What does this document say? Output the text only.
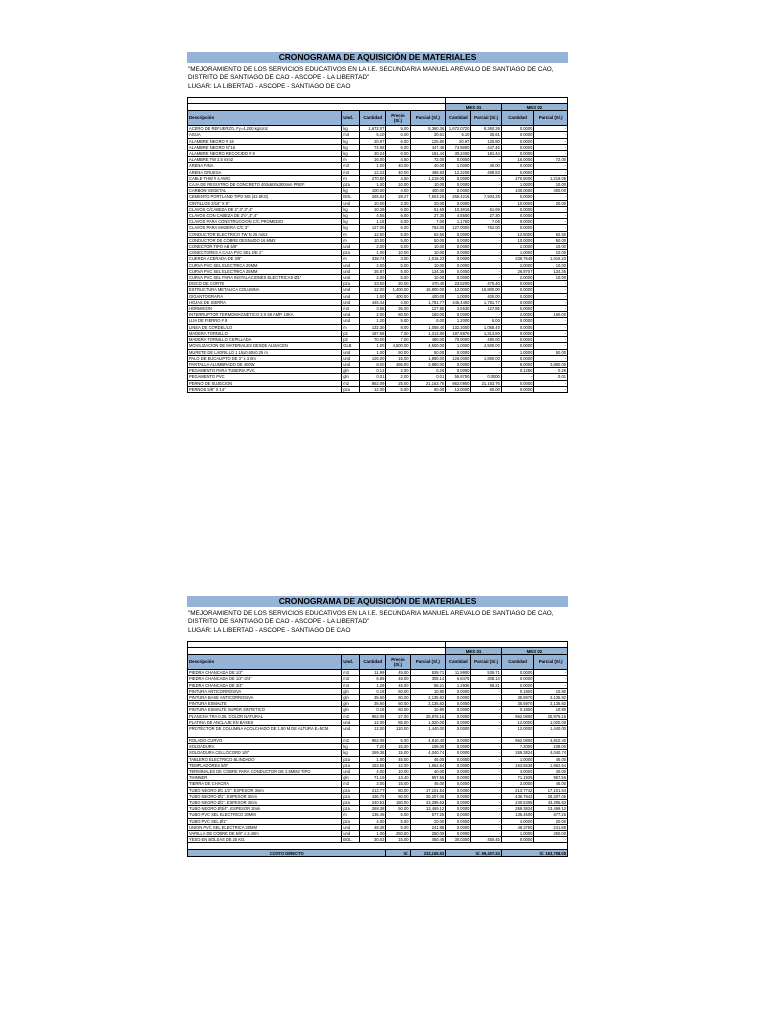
CRONOGRAMA DE AQUISICIÓN DE MATERIALES
"MEJORAMIENTO DE LOS SERVICIOS EDUCATIVOS EN LA I.E. SECUNDARIA MANUEL AREVALO DE SANTIAGO DE CAO, DISTRITO DE SANTIAGO DE CAO - ASCOPE - LA LIBERTAD"
LUGAR: LA LIBERTAD - ASCOPE - SANTIAGO DE CAO

					MES 01		MES 02	
Descripción	Und.	Cantidad	Precio (S/.)	Parcial (S/.)	Cantidad	Parcial (S/.)	Cantidad	Parcial (S/.)
ACERO DE REFUERZO, Fy=4,200 kg/cm2	kg	1,672.07	5.00	8,360.36	1,672.0720	8,360.36	0.0000	-
AGUA	m3	5.10	6.00	30.61	5.10	30.61	0.0000	-
ALAMBRE NEGRO # 16	kg	20.97	6.00	125.80	20.97	125.80	0.0000	-
ALAMBRE NEGRO N°16	kg	74.58	6.00	447.46	74.5800	447.46	0.0000	-
ALAMBRE NEGRO RECOCIDO # 8	kg	30.24	6.00	181.44	30.2400	181.44	0.0000	-
ALAMBRE TW 2.5 mm2	m	16.00	4.50	72.00	0.0000	-	16.0000	72.00
ARENA FINA	m3	1.00	40.00	40.00	1.0000	40.00	0.0000	-
ARENA GRUESA	m3	12.22	40.00	488.83	12.2208	488.83	0.0000	-
CABLE THW # 4 AWG	m	270.90	4.50	1,219.05	0.0000	-	270.9000	1,219.05
CAJA DE REGISTRO DE CONCRETO 400x600x300mm PREF.	pza	1.00	10.00	10.00	0.0000	-	1.0000	10.00
CARBON VEGETAL	kg	100.00	4.00	400.00	0.0000	-	100.0000	400.00
CEMENTO PORTLAND TIPO MS (42.5KG)	BOL	265.62	28.27	7,503.26	265.4216	7,503.26	0.0000	-
CINTILLOS 3/16" X 8"	und	10.00	2.00	20.00	0.0000	-	10.0000	20.00
CLAVOS C/CABEZA DE 2",3",3",4"	kg	10.28	6.00	61.69	10.2816	61.69	0.0000	-
CLAVOS CON CABEZA DE 2½",3",4"	kg	4.55	6.00	27.30	4.5500	27.30	0.0000	-
CLAVOS PARA CONSTRUCCION C/C PROMEDIO	kg	1.18	6.00	7.06	1.1760	7.06	0.0000	-
CLAVOS PARA MADERA C/C 3"	kg	127.00	6.00	762.00	127.0000	762.00	0.0000	-
CONDUCTOR ELECTRICO TW N 25 mm2	m	12.50	5.00	62.50	0.0000	-	12.5000	62.50
CONDUCTOR DE COBRE DESNUDO 16 MM2	m	10.00	5.00	50.00	0.0000	-	10.0000	50.00
CONECTOR TIPO AB 5/8"	und	2.00	5.00	10.00	0.0000	-	2.0000	10.00
CONECTORES A CAJA PVC SEL DE 1"	pza	1.00	10.00	10.00	0.0000	-	1.0000	10.00
CUERDA ACERADA DE 3/8"	m	338.74	3.00	1,016.23	0.0000	-	338.7648	1,016.23
CURVA PVC SEL ELECTRICA 20MM	und	2.00	5.00	10.00	0.0000	-	2.0000	10.00
CURVA PVC SEL ELECTRICA 25MM	und	26.87	5.00	134.35	0.0000	-	26.8707	134.35
CURVA PVC SEL PARA INSTALACIONES ELECTRICAS Ø1"	und	2.00	5.00	10.00	0.0000	-	2.0000	10.00
DISCO DE CORTE	pza	23.50	20.00	470.40	23.5200	470.40	0.0000	-
ESTRUCTURA METALICA COLUMNA	und	12.00	1,400.00	16,800.00	12.0000	16,800.00	0.0000	-
GIGANTOGRAFIA	und	1.00	400.00	400.00	1.0000	400.00	0.0000	-
HOJAS DE SIERRA	und	445.44	4.00	1,781.77	445.4400	1,781.77	0.0000	-
HORMIGON	m3	3.65	35.00	127.85	3.6530	127.85	0.0000	-
INTERRUPTOR TERMOMAGNETICO 3 X 60 AMP. 10KA	und	2.00	80.00	160.00	0.0000	-	2.0000	160.00
LIJA DE FIERRO # 8	und	1.20	5.00	6.00	1.2000	6.00	0.0000	-
LINEA DE CORDEL/LO	m	132.30	8.00	1,058.40	132.3000	1,058.40	0.0000	-
MADERA TORNILLO	p2	187.68	7.00	1,313.80	187.6876	1,313.80	0.0000	-
MADERA TORNILLO CEPILLADA	p2	70.00	7.00	490.00	70.0000	490.00	0.0000	-
MOVILIZACION DE MATERIALES DESDE ALMACEN	GLB	1.00	4,500.00	4,500.00	1.0000	4,500.00	0.0000	-
MURETE DE LADRILLO 1.15x0.60x0.25 m	und	1.00	50.00	50.00	0.0000	-	1.0000	50.00
PALO DE EUCALIPTO DE 3" x 3.0m	und	126.00	15.00	1,890.00	126.0000	1,890.00	0.0000	-
PANTALLA ALUMBRADO DE 400W	und	8.00	485.00	3,880.00	0.0000	-	8.0000	3,880.00
PEGAMENTO PARA TUBERIA PVC	gln	0.13	2.00	0.26	0.0000	-	0.1280	0.26
PEGAMENTO PVC	gln	0.01	2.00	0.01	56.6750	0.0000	-	0.01
PERNO DE SUJECION	m2	862.09	25.00	21,163.76	862.0900	21,163.76	0.0000	-
PERNOS 5/8" X 14"	pza	12.00	5.00	60.00	12.0000	60.00	0.0000	-
CRONOGRAMA DE AQUISICIÓN DE MATERIALES
"MEJORAMIENTO DE LOS SERVICIOS EDUCATIVOS EN LA I.E. SECUNDARIA MANUEL AREVALO DE SANTIAGO DE CAO, DISTRITO DE SANTIAGO DE CAO - ASCOPE - LA LIBERTAD"
LUGAR: LA LIBERTAD - ASCOPE - SANTIAGO DE CAO

					MES 01		MES 02	
Descripción	Und.	Cantidad	Precio (S/.)	Parcial (S/.)	Cantidad	Parcial (S/.)	Cantidad	Parcial (S/.)
PIEDRA CHANCADA DE 1/2"	m3	11.99	45.00	539.71	11.9900	539.71	0.0000	-
PIEDRA CHANCADA DE 1/2"-3/4"	m3	6.85	45.00	308.14	6.8475	308.14	0.0000	-
PIEDRA CHANCADA DE 3/4"	m3	1.29	45.00	58.21	1.2936	58.21	0.0000	-
PINTURA ANTICORROSIVA	gln	0.18	60.00	10.80	0.0000	-	0.1800	10.80
PINTURA BASE ANTICORROSIVA	gln	35.60	60.00	2,135.82	0.0000	-	35.5970	2,135.82
PINTURA ESMALTE	gln	35.60	60.00	2,135.82	0.0000	-	35.5970	2,135.82
PINTURA ESMALTE SUPER SINTETICO	gln	0.18	60.00	10.80	0.0000	-	0.1800	10.80
PLANCHA TRA 0.35. COLOR NATURAL	m2	962.09	27.00	25,976.16	0.0000	-	962.0800	25,976.16
PLATINA DE ANCLAJE EN BASES	und	12.00	85.00	1,020.00	0.0000	-	12.0000	1,020.00
PROTECTOR DE COLUMNA ACOLCHADO DE 1.80 M DE ALTURA E=5CM	und	12.00	120.00	1,440.00	0.0000	-	12.0000	1,440.00
ROLADO CURVO	m2	962.09	5.00	4,810.40	0.0000	-	962.0800	4,810.40
SOLDADURA	kg	7.20	15.00	108.00	0.0000	-	7.2000	108.00
SOLDADURA CELLOCORD 1/8"	kg	269.38	15.00	4,040.74	0.0000	-	269.3824	4,040.74
TABLERO ELECTRICO BLINDADO	pza	1.00	45.00	45.00	0.0000	-	1.0000	45.00
TEMPLADORES 5/8"	pza	163.55	12.00	1,962.64	0.0000	-	163.5538	1,962.64
TERMINALES DE COBRE PARA CONDUCTOR DE 2.5MM2 TIPO	und	4.00	10.00	40.00	0.0000	-	4.0000	40.00
THINNER	gln	71.19	13.40	957.56	0.0000	-	71.1939	957.56
TIERRA DE CHACRA	m3	3.00	15.00	45.00	0.0000	-	3.0000	45.00
TUBO NEGRO Ø1 1/2". ESPESOR 3mm	pza	213.77	80.00	17,101.54	0.0000	-	213.7742	17,101.54
TUBO NEGRO Ø1". ESPESOR 3mm	pza	436.79	60.00	26,207.06	0.0000	-	436.7843	26,207.06
TUBO NEGRO Ø1". ESPESOR 3mm	pza	240.53	180.00	43,295.63	0.0000	-	240.5308	43,295.63
TUBO NEGRO Ø3/4". ESPESOR 3mm	pza	269.38	50.00	13,469.12	0.0000	-	269.3824	13,469.12
TUBO PVC SEL ELECTRICO 20MM	m	135.46	5.00	677.25	0.0000	-	135.4500	677.25
TUBO PVC SEL Ø1"	pza	4.00	5.00	20.00	0.0000	-	4.0000	20.00
UNION PVC SEL ELECTRICA 20MM	und	48.38	5.00	241.88	0.0000	-	48.3750	241.88
VARILLA DE COBRE DE 5/8" x 2.40m	und	1.00	250.00	250.00	0.0000	-	1.0000	250.00
YESO EN BOLSAS DE 25 KG.	BOL	30.03	15.00	450.45	30.0300	450.45	0.0000	-

COSTO DIRECTO			S/.	233,165.53	S/. 69,407.24		S/. 163,758.05	
